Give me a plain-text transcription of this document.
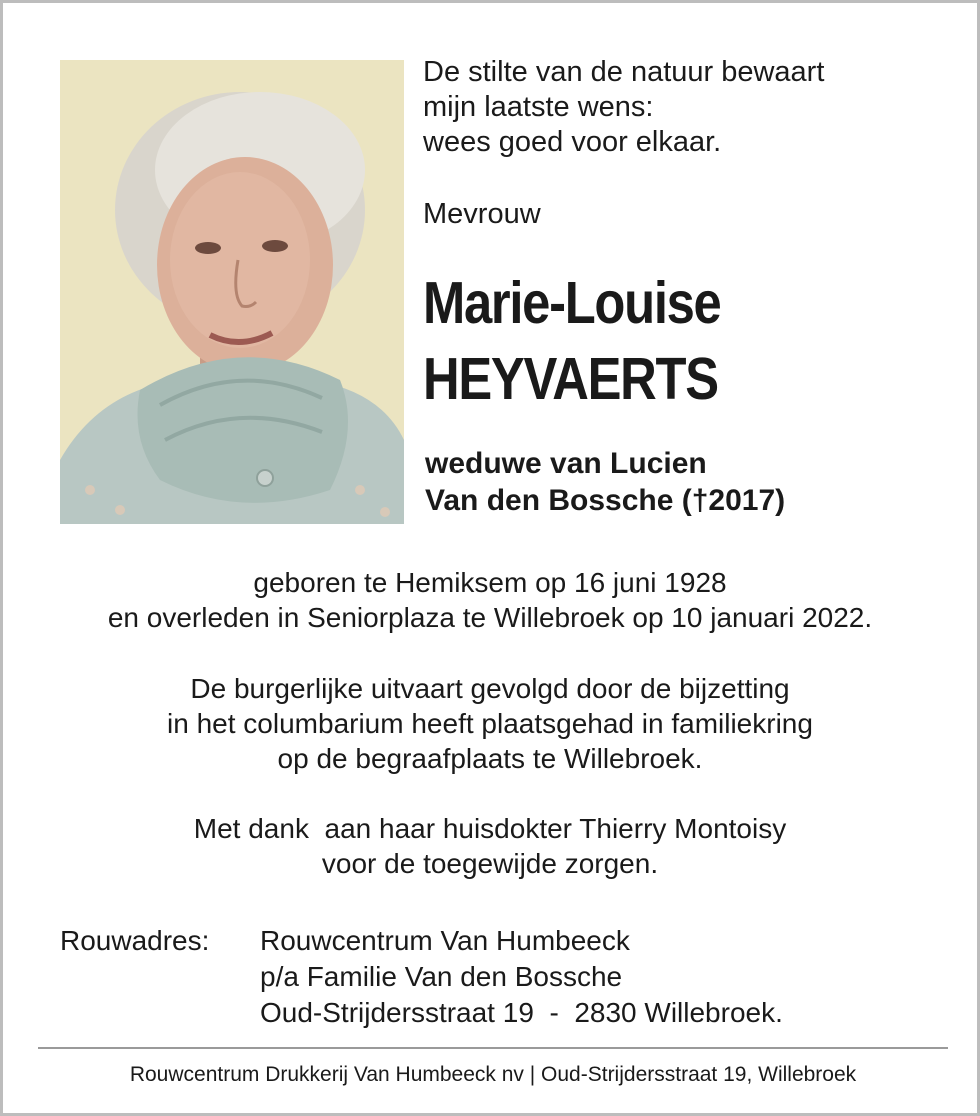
De stilte van de natuur bewaart
mijn laatste wens:
wees goed voor elkaar.
Mevrouw
Marie-Louise
HEYVAERTS
weduwe van Lucien
Van den Bossche (†2017)
geboren te Hemiksem op 16 juni 1928
en overleden in Seniorplaza te Willebroek op 10 januari 2022.
De burgerlijke uitvaart gevolgd door de bijzetting
in het columbarium heeft plaatsgehad in familiekring
op de begraafplaats te Willebroek.
Met dank  aan haar huisdokter Thierry Montoisy
voor de toegewijde zorgen.
Rouwadres: Rouwcentrum Van Humbeeck
p/a Familie Van den Bossche
Oud-Strijdersstraat 19  -  2830 Willebroek.
Rouwcentrum Drukkerij Van Humbeeck nv | Oud-Strijdersstraat 19, Willebroek
